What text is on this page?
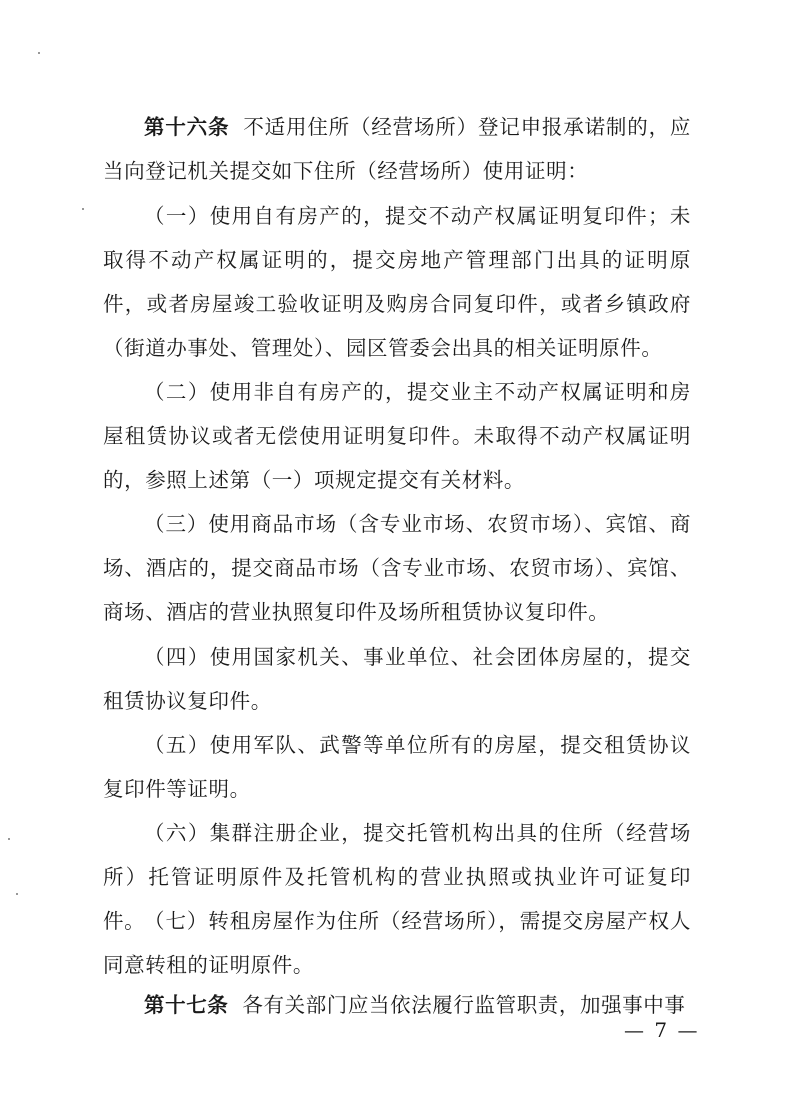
第十六条 不适用住所（经营场所）登记申报承诺制的，应当向登记机关提交如下住所（经营场所）使用证明：

（一）使用自有房产的，提交不动产权属证明复印件；未取得不动产权属证明的，提交房地产管理部门出具的证明原件，或者房屋竣工验收证明及购房合同复印件，或者乡镇政府（街道办事处、管理处）、园区管委会出具的相关证明原件。

（二）使用非自有房产的，提交业主不动产权属证明和房屋租赁协议或者无偿使用证明复印件。未取得不动产权属证明的，参照上述第（一）项规定提交有关材料。

（三）使用商品市场（含专业市场、农贸市场）、宾馆、商场、酒店的，提交商品市场（含专业市场、农贸市场）、宾馆、商场、酒店的营业执照复印件及场所租赁协议复印件。

（四）使用国家机关、事业单位、社会团体房屋的，提交租赁协议复印件。

（五）使用军队、武警等单位所有的房屋，提交租赁协议复印件等证明。

（六）集群注册企业，提交托管机构出具的住所（经营场所）托管证明原件及托管机构的营业执照或执业许可证复印件。

（七）转租房屋作为住所（经营场所），需提交房屋产权人同意转租的证明原件。

第十七条 各有关部门应当依法履行监管职责，加强事中事

— 7 —
